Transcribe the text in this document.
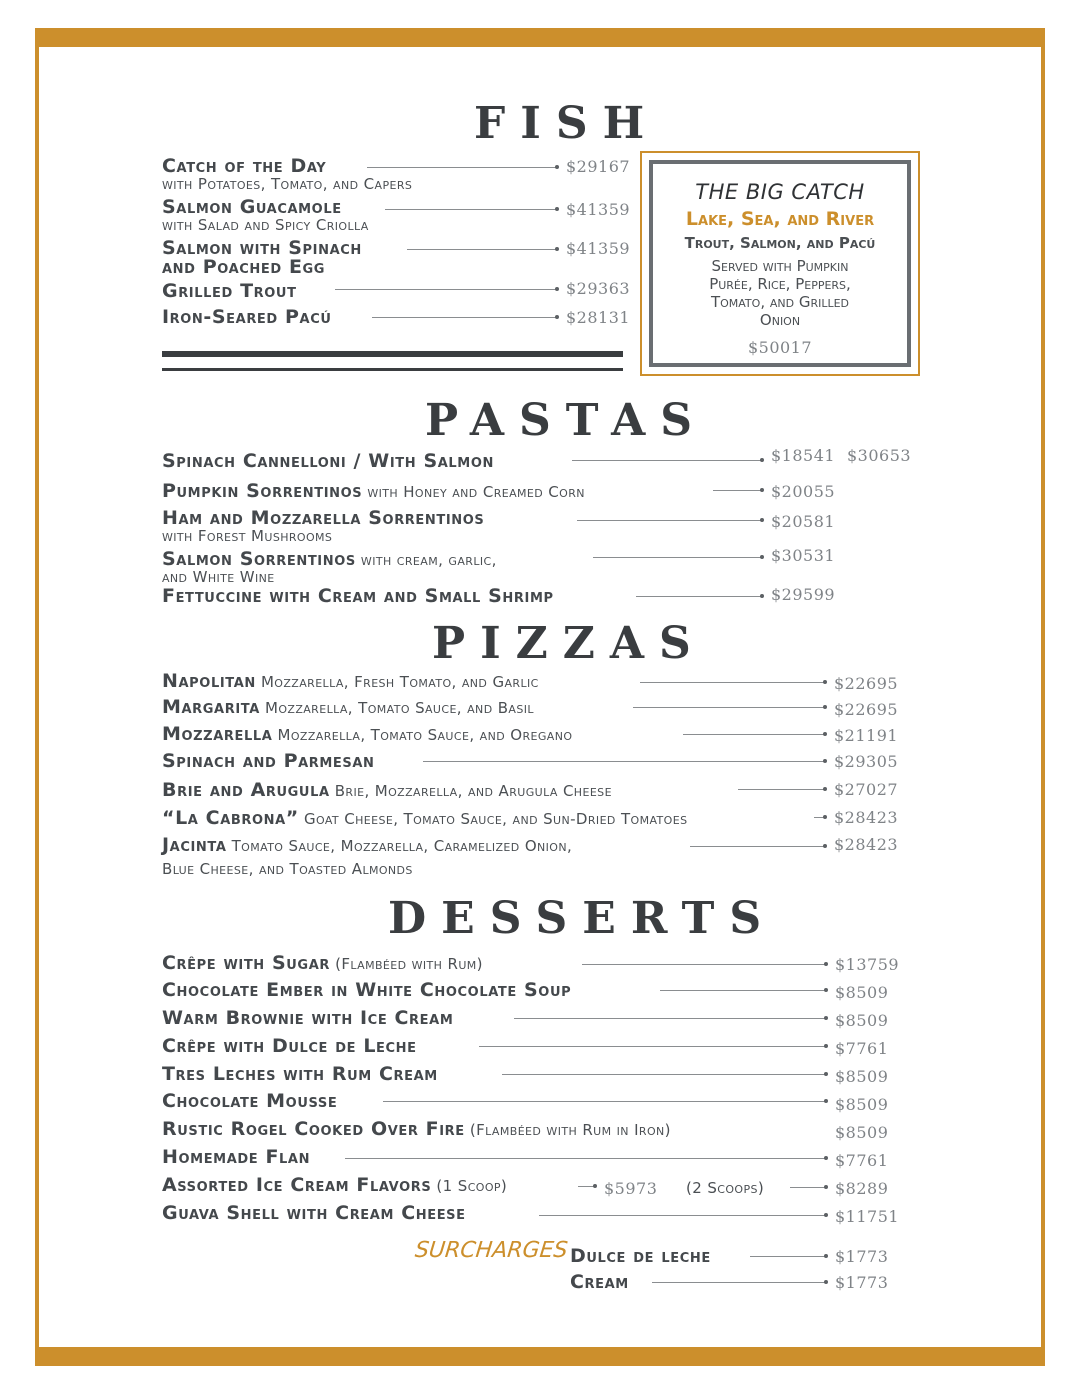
FISH
Catch of the Day
with Potatoes, Tomato, and Capers
$29167
Salmon Guacamole
with Salad and Spicy Criolla
$41359
Salmon with Spinach
and Poached Egg
$41359
Grilled Trout	$29363
Iron-Seared Pacú	$28131
THE BIG CATCH
Lake, Sea, and River
Trout, Salmon, and Pacú
Served with Pumpkin
Purée, Rice, Peppers,
Tomato, and Grilled
Onion
$50017
PASTAS
Spinach Cannelloni / With Salmon	$18541 $30653
Pumpkin Sorrentinos with Honey and Creamed Corn	$20055
Ham and Mozzarella Sorrentinos
with Forest Mushrooms
$20581
Salmon Sorrentinos with cream, garlic,
and White Wine
$30531
Fettuccine with Cream and Small Shrimp	$29599
PIZZAS
Napolitan Mozzarella, Fresh Tomato, and Garlic	$22695
Margarita Mozzarella, Tomato Sauce, and Basil	$22695
Mozzarella Mozzarella, Tomato Sauce, and Oregano	$21191
Spinach and Parmesan	$29305
Brie and Arugula Brie, Mozzarella, and Arugula Cheese	$27027
“La Cabrona” Goat Cheese, Tomato Sauce, and Sun-Dried Tomatoes	$28423
Jacinta Tomato Sauce, Mozzarella, Caramelized Onion,
Blue Cheese, and Toasted Almonds
$28423
DESSERTS
Crêpe with Sugar (Flambéed with Rum)	$13759
Chocolate Ember in White Chocolate Soup	$8509
Warm Brownie with Ice Cream	$8509
Crêpe with Dulce de Leche	$7761
Tres Leches with Rum Cream	$8509
Chocolate Mousse	$8509
Rustic Rogel Cooked Over Fire (Flambéed with Rum in Iron)	$8509
Homemade Flan	$7761
Assorted Ice Cream Flavors (1 Scoop)	$5973 (2 Scoops)	$8289
Guava Shell with Cream Cheese	$11751
SURCHARGES Dulce de leche	$1773
Cream	$1773
